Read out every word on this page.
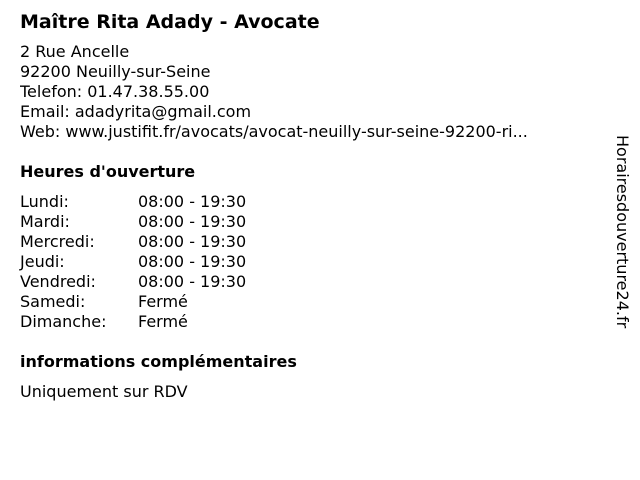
Maître Rita Adady - Avocate
2 Rue Ancelle
92200 Neuilly-sur-Seine
Telefon: 01.47.38.55.00
Email: adadyrita@gmail.com
Web: www.justifit.fr/avocats/avocat-neuilly-sur-seine-92200-ri...
Heures d'ouverture
Lundi:	08:00 - 19:30
Mardi:	08:00 - 19:30
Mercredi:	08:00 - 19:30
Jeudi:	08:00 - 19:30
Vendredi:	08:00 - 19:30
Samedi:	Fermé
Dimanche:	Fermé
informations complémentaires
Uniquement sur RDV
Horairesdouverture24.fr
